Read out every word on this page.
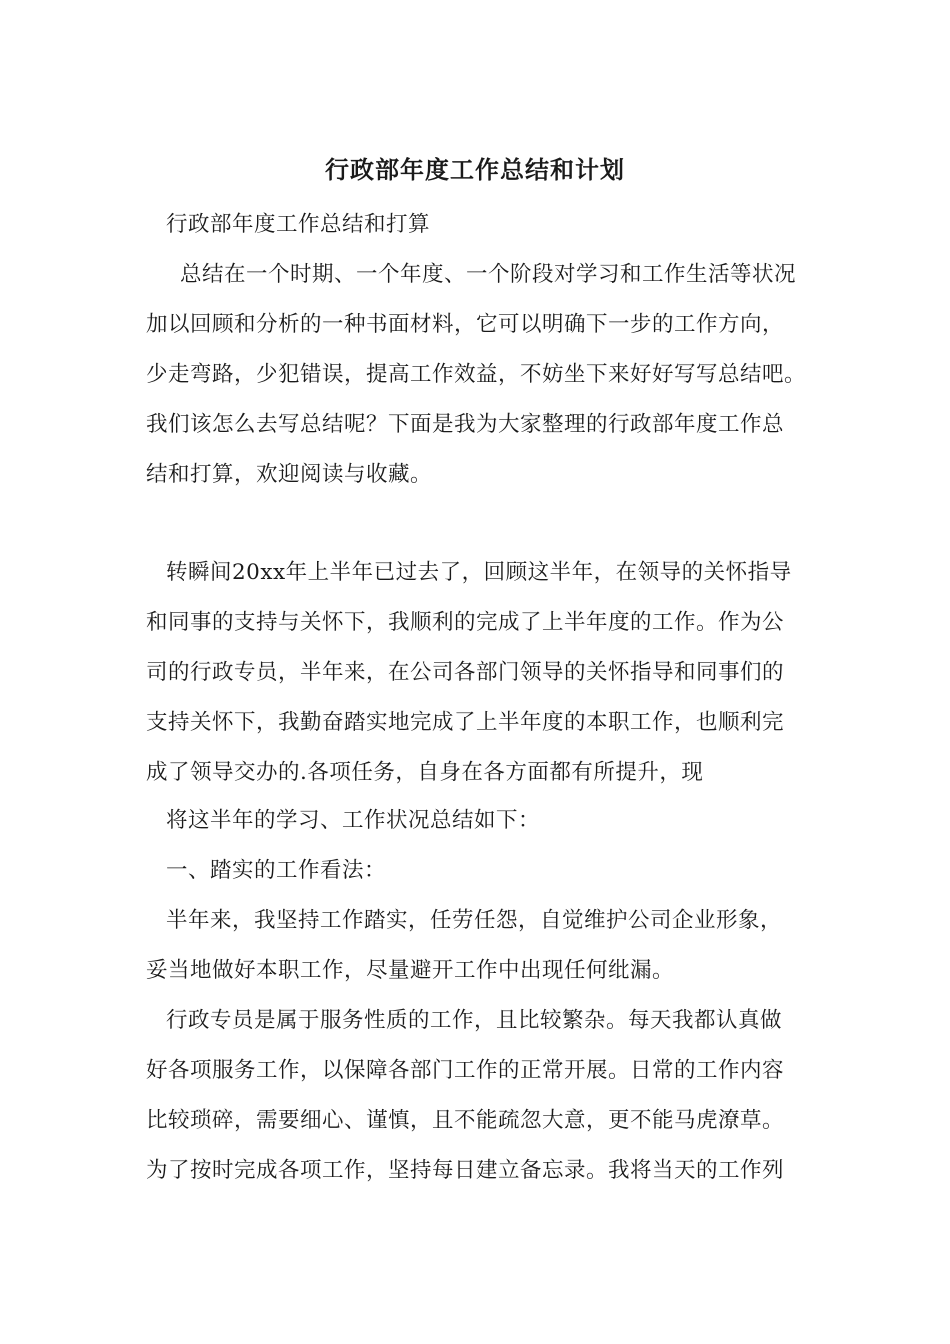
行政部年度工作总结和计划
行政部年度工作总结和打算
总结在一个时期、一个年度、一个阶段对学习和工作生活等状况
加以回顾和分析的一种书面材料，它可以明确下一步的工作方向，
少走弯路，少犯错误，提高工作效益，不妨坐下来好好写写总结吧。
我们该怎么去写总结呢？下面是我为大家整理的行政部年度工作总
结和打算，欢迎阅读与收藏。
转瞬间20xx年上半年已过去了，回顾这半年，在领导的关怀指导
和同事的支持与关怀下，我顺利的完成了上半年度的工作。作为公
司的行政专员，半年来，在公司各部门领导的关怀指导和同事们的
支持关怀下，我勤奋踏实地完成了上半年度的本职工作，也顺利完
成了领导交办的.各项任务，自身在各方面都有所提升，现
将这半年的学习、工作状况总结如下：
一、踏实的工作看法：
半年来，我坚持工作踏实，任劳任怨，自觉维护公司企业形象，
妥当地做好本职工作，尽量避开工作中出现任何纰漏。
行政专员是属于服务性质的工作，且比较繁杂。每天我都认真做
好各项服务工作，以保障各部门工作的正常开展。日常的工作内容
比较琐碎，需要细心、谨慎，且不能疏忽大意，更不能马虎潦草。
为了按时完成各项工作，坚持每日建立备忘录。我将当天的工作列
